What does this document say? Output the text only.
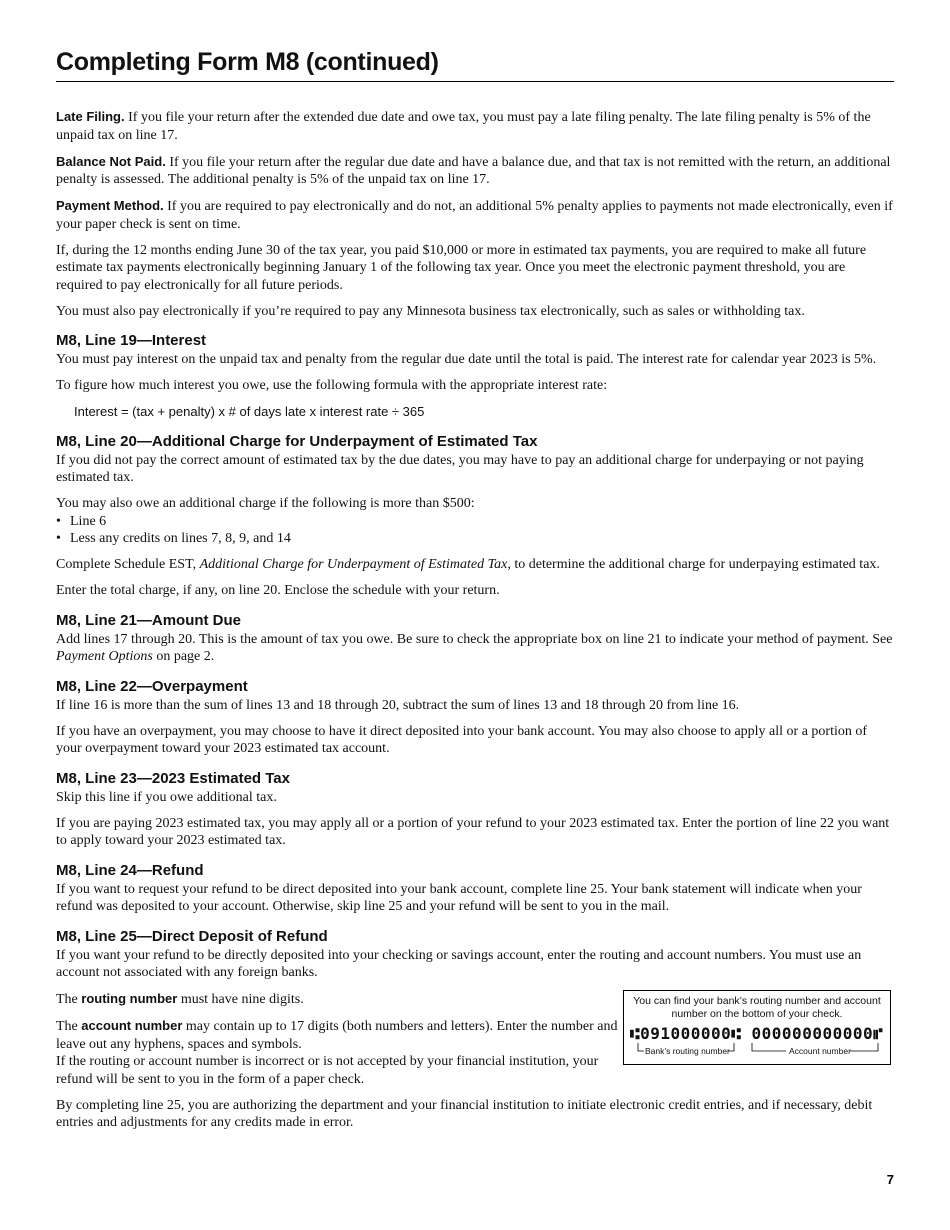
Completing Form M8 (continued)

Late Filing. If you file your return after the extended due date and owe tax, you must pay a late filing penalty. The late filing penalty is 5% of the unpaid tax on line 17.

Balance Not Paid. If you file your return after the regular due date and have a balance due, and that tax is not remitted with the return, an additional penalty is assessed. The additional penalty is 5% of the unpaid tax on line 17.

Payment Method. If you are required to pay electronically and do not, an additional 5% penalty applies to payments not made electronically, even if your paper check is sent on time.

If, during the 12 months ending June 30 of the tax year, you paid $10,000 or more in estimated tax payments, you are required to make all future estimate tax payments electronically beginning January 1 of the following tax year. Once you meet the electronic payment threshold, you are required to pay electronically for all future periods.

You must also pay electronically if you’re required to pay any Minnesota business tax electronically, such as sales or withholding tax.

M8, Line 19—Interest

You must pay interest on the unpaid tax and penalty from the regular due date until the total is paid. The interest rate for calendar year 2023 is 5%.

To figure how much interest you owe, use the following formula with the appropriate interest rate:

Interest = (tax + penalty) x # of days late x interest rate ÷ 365
M8, Line 20—Additional Charge for Underpayment of Estimated Tax

If you did not pay the correct amount of estimated tax by the due dates, you may have to pay an additional charge for underpaying or not paying estimated tax.

You may also owe an additional charge if the following is more than $500:

• Line 6
• Less any credits on lines 7, 8, 9, and 14

Complete Schedule EST, Additional Charge for Underpayment of Estimated Tax, to determine the additional charge for underpaying estimated tax.

Enter the total charge, if any, on line 20. Enclose the schedule with your return.

M8, Line 21—Amount Due

Add lines 17 through 20. This is the amount of tax you owe. Be sure to check the appropriate box on line 21 to indicate your method of payment. See Payment Options on page 2.

M8, Line 22—Overpayment

If line 16 is more than the sum of lines 13 and 18 through 20, subtract the sum of lines 13 and 18 through 20 from line 16.

If you have an overpayment, you may choose to have it direct deposited into your bank account. You may also choose to apply all or a portion of your overpayment toward your 2023 estimated tax account.

M8, Line 23—2023 Estimated Tax

Skip this line if you owe additional tax.

If you are paying 2023 estimated tax, you may apply all or a portion of your refund to your 2023 estimated tax. Enter the portion of line 22 you want to apply toward your 2023 estimated tax.

M8, Line 24—Refund

If you want to request your refund to be direct deposited into your bank account, complete line 25. Your bank statement will indicate when your refund was deposited to your account. Otherwise, skip line 25 and your refund will be sent to you in the mail.

M8, Line 25—Direct Deposit of Refund

If you want your refund to be directly deposited into your checking or savings account, enter the routing and account numbers. You must use an account not associated with any foreign banks.

The routing number must have nine digits.

The account number may contain up to 17 digits (both numbers and letters). Enter the number and leave out any hyphens, spaces and symbols.

If the routing or account number is incorrect or is not accepted by your financial institution, your refund will be sent to you in the form of a paper check.

You can find your bank’s routing number and account number on the bottom of your check.
⑆091000000⑆ 000000000000⑈
Bank’s routing number	Account number

By completing line 25, you are authorizing the department and your financial institution to initiate electronic credit entries, and if necessary, debit entries and adjustments for any credits made in error.

7
